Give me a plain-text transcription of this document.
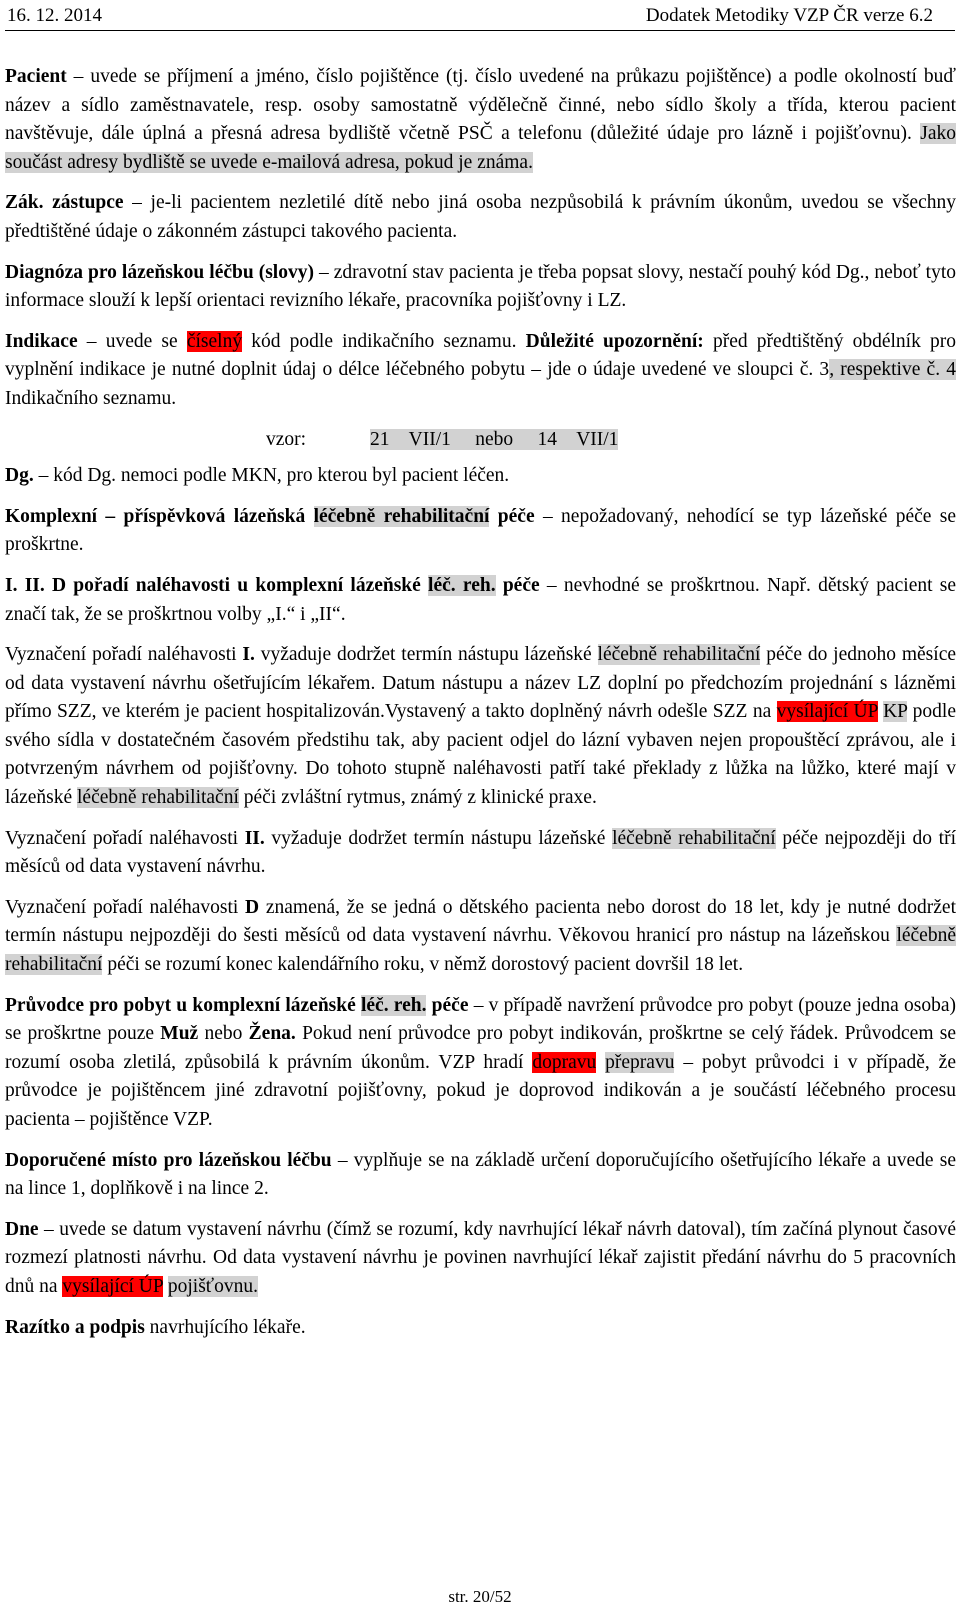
16. 12. 2014	Dodatek Metodiky VZP ČR verze 6.2

Pacient – uvede se příjmení a jméno, číslo pojištěnce (tj. číslo uvedené na průkazu pojištěnce) a podle okolností buď název a sídlo zaměstnavatele, resp. osoby samostatně výdělečně činné, nebo sídlo školy a třída, kterou pacient navštěvuje, dále úplná a přesná adresa bydliště včetně PSČ a telefonu (důležité údaje pro lázně i pojišťovnu). Jako součást adresy bydliště se uvede e-mailová adresa, pokud je známa.

Zák. zástupce – je-li pacientem nezletilé dítě nebo jiná osoba nezpůsobilá k právním úkonům, uvedou se všechny předtištěné údaje o zákonném zástupci takového pacienta.

Diagnóza pro lázeňskou léčbu (slovy) – zdravotní stav pacienta je třeba popsat slovy, nestačí pouhý kód Dg., neboť tyto informace slouží k lepší orientaci revizního lékaře, pracovníka pojišťovny i LZ.

Indikace – uvede se číselný kód podle indikačního seznamu. Důležité upozornění: před předtištěný obdélník pro vyplnění indikace je nutné doplnit údaj o délce léčebného pobytu – jde o údaje uvedené ve sloupci č. 3, respektive č. 4 Indikačního seznamu.

vzor:	21    VII/1     nebo     14    VII/1

Dg. – kód Dg. nemoci podle MKN, pro kterou byl pacient léčen.

Komplexní – příspěvková lázeňská léčebně rehabilitační péče – nepožadovaný, nehodící se typ lázeňské péče se proškrtne.

I. II. D pořadí naléhavosti u komplexní lázeňské léč. reh. péče – nevhodné se proškrtnou. Např. dětský pacient se značí tak, že se proškrtnou volby „I.“ i „II“.

Vyznačení pořadí naléhavosti I. vyžaduje dodržet termín nástupu lázeňské léčebně rehabilitační péče do jednoho měsíce od data vystavení návrhu ošetřujícím lékařem. Datum nástupu a název LZ doplní po předchozím projednání s lázněmi přímo SZZ, ve kterém je pacient hospitalizován.Vystavený a takto doplněný návrh odešle SZZ na vysílající ÚP KP podle svého sídla v dostatečném časovém předstihu tak, aby pacient odjel do lázní vybaven nejen propouštěcí zprávou, ale i potvrzeným návrhem od pojišťovny. Do tohoto stupně naléhavosti patří také překlady z lůžka na lůžko, které mají v lázeňské léčebně rehabilitační péči zvláštní rytmus, známý z klinické praxe.

Vyznačení pořadí naléhavosti II. vyžaduje dodržet termín nástupu lázeňské léčebně rehabilitační péče nejpozději do tří měsíců od data vystavení návrhu.

Vyznačení pořadí naléhavosti D znamená, že se jedná o dětského pacienta nebo dorost do 18 let, kdy je nutné dodržet termín nástupu nejpozději do šesti měsíců od data vystavení návrhu. Věkovou hranicí pro nástup na lázeňskou léčebně rehabilitační péči se rozumí konec kalendářního roku, v němž dorostový pacient dovršil 18 let.

Průvodce pro pobyt u komplexní lázeňské léč. reh. péče – v případě navržení průvodce pro pobyt (pouze jedna osoba) se proškrtne pouze Muž nebo Žena. Pokud není průvodce pro pobyt indikován, proškrtne se celý řádek. Průvodcem se rozumí osoba zletilá, způsobilá k právním úkonům. VZP hradí dopravu přepravu – pobyt průvodci i v případě, že průvodce je pojištěncem jiné zdravotní pojišťovny, pokud je doprovod indikován a je součástí léčebného procesu pacienta – pojištěnce VZP.

Doporučené místo pro lázeňskou léčbu – vyplňuje se na základě určení doporučujícího ošetřujícího lékaře a uvede se na lince 1, doplňkově i na lince 2.

Dne – uvede se datum vystavení návrhu (čímž se rozumí, kdy navrhující lékař návrh datoval), tím začíná plynout časové rozmezí platnosti návrhu. Od data vystavení návrhu je povinen navrhující lékař zajistit předání návrhu do 5 pracovních dnů na vysílající ÚP pojišťovnu.

Razítko a podpis navrhujícího lékaře.

str. 20/52
